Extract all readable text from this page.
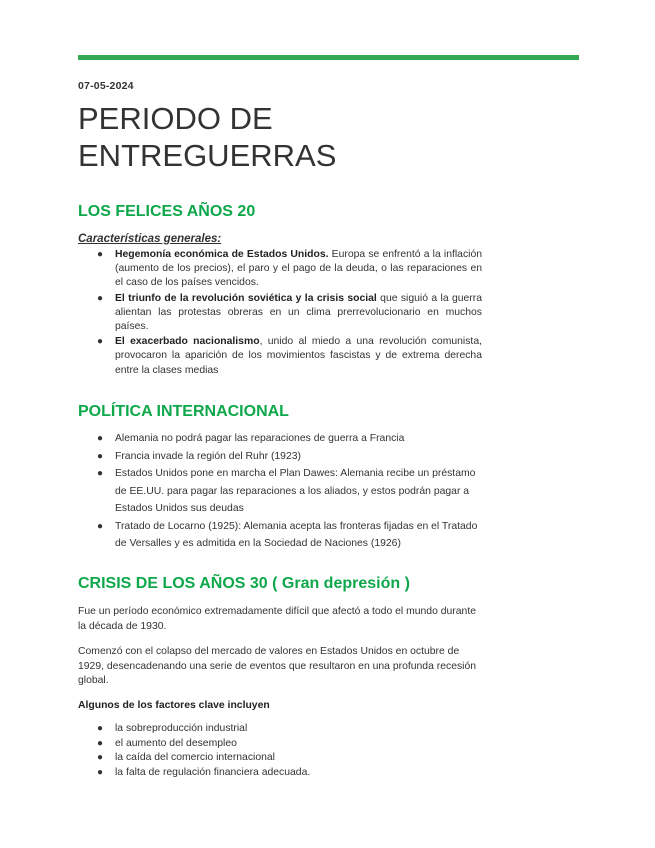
07-05-2024
PERIODO DE ENTREGUERRAS
LOS FELICES AÑOS 20
Características generales:
● Hegemonía económica de Estados Unidos. Europa se enfrentó a la inflación (aumento de los precios), el paro y el pago de la deuda, o las reparaciones en el caso de los países vencidos.
● El triunfo de la revolución soviética y la crisis social que siguió a la guerra alientan las protestas obreras en un clima prerrevolucionario en muchos países.
● El exacerbado nacionalismo, unido al miedo a una revolución comunista, provocaron la aparición de los movimientos fascistas y de extrema derecha entre la clases medias
POLÍTICA INTERNACIONAL
● Alemania no podrá pagar las reparaciones de guerra a Francia
● Francia invade la región del Ruhr (1923)
● Estados Unidos pone en marcha el Plan Dawes: Alemania recibe un préstamo de EE.UU. para pagar las reparaciones a los aliados, y estos podrán pagar a Estados Unidos sus deudas
● Tratado de Locarno (1925): Alemania acepta las fronteras fijadas en el Tratado de Versalles y es admitida en la Sociedad de Naciones (1926)
CRISIS DE LOS AÑOS 30 ( Gran depresión )

Fue un período económico extremadamente difícil que afectó a todo el mundo durante la década de 1930.

Comenzó con el colapso del mercado de valores en Estados Unidos en octubre de 1929, desencadenando una serie de eventos que resultaron en una profunda recesión global.

Algunos de los factores clave incluyen

● la sobreproducción industrial
● el aumento del desempleo
● la caída del comercio internacional
● la falta de regulación financiera adecuada.
